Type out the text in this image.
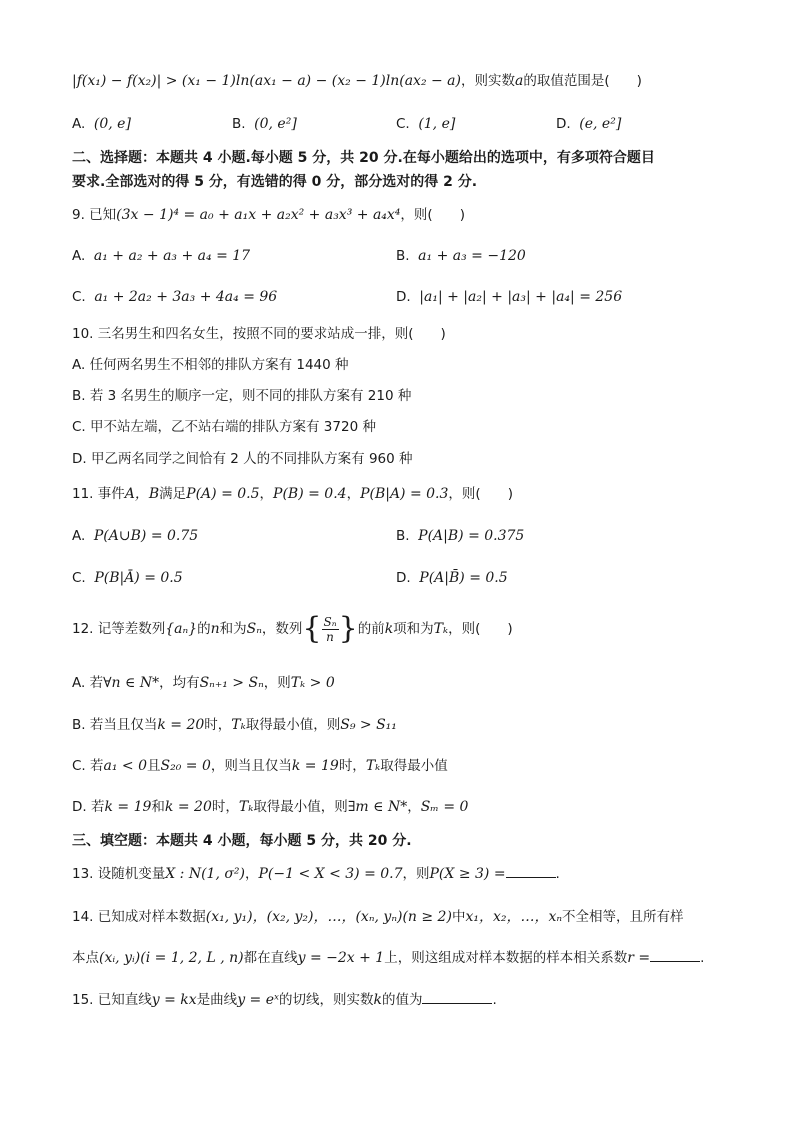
|f(x₁) − f(x₂)| > (x₁ − 1)ln(ax₁ − a) − (x₂ − 1)ln(ax₂ − a)，则实数a的取值范围是(　　)
A. (0, e]	B. (0, e²]	C. (1, e]	D. (e, e²]
二、选择题：本题共 4 小题.每小题 5 分，共 20 分.在每小题给出的选项中，有多项符合题目
要求.全部选对的得 5 分，有选错的得 0 分，部分选对的得 2 分.
9. 已知(3x − 1)⁴ = a₀ + a₁x + a₂x² + a₃x³ + a₄x⁴，则(　　)
A. a₁ + a₂ + a₃ + a₄ = 17	B. a₁ + a₃ = −120
C. a₁ + 2a₂ + 3a₃ + 4a₄ = 96	D. |a₁| + |a₂| + |a₃| + |a₄| = 256
10. 三名男生和四名女生，按照不同的要求站成一排，则(　　)
A. 任何两名男生不相邻的排队方案有 1440 种
B. 若 3 名男生的顺序一定，则不同的排队方案有 210 种
C. 甲不站左端，乙不站右端的排队方案有 3720 种
D. 甲乙两名同学之间恰有 2 人的不同排队方案有 960 种
11. 事件A，B满足P(A) = 0.5，P(B) = 0.4，P(B|A) = 0.3，则(　　)
A. P(A∪B) = 0.75	B. P(A|B) = 0.375
C. P(B|Ā) = 0.5	D. P(A|B̄) = 0.5
12. 记等差数列{aₙ}的n和为Sₙ，数列{ $\frac{\text{Sₙ}}{n}$ }的前k项和为Tₖ，则(　　)
A. 若∀n ∈ N*，均有Sₙ₊₁ > Sₙ，则Tₖ > 0
B. 若当且仅当k = 20时，Tₖ取得最小值，则S₉ > S₁₁
C. 若a₁ < 0且S₂₀ = 0，则当且仅当k = 19时，Tₖ取得最小值
D. 若k = 19和k = 20时，Tₖ取得最小值，则∃m ∈ N*，Sₘ = 0
三、填空题：本题共 4 小题，每小题 5 分，共 20 分.
13. 设随机变量X : N(1, σ²)，P(−1 < X < 3) = 0.7，则P(X ≥ 3) =	.
14. 已知成对样本数据(x₁, y₁)，(x₂, y₂)，…，(xₙ, yₙ)(n ≥ 2)中x₁，x₂，…，xₙ不全相等，且所有样
本点(xᵢ, yᵢ)(i = 1, 2, L , n)都在直线y = −2x + 1上，则这组成对样本数据的样本相关系数r =	.
15. 已知直线y = kx是曲线y = eˣ的切线，则实数k的值为	.
